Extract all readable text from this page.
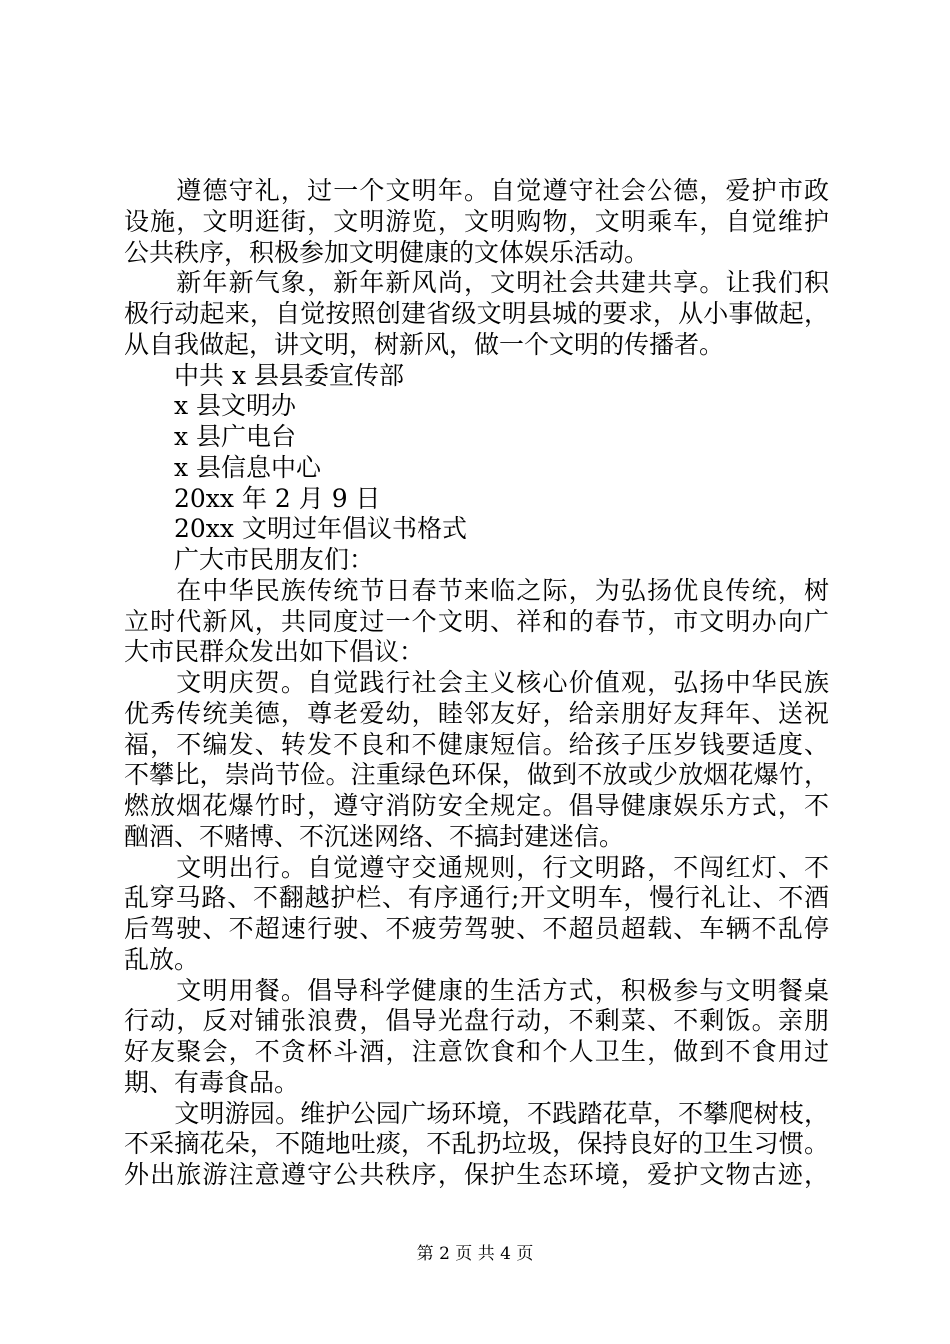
　　遵德守礼，过一个文明年。自觉遵守社会公德，爱护市政
设施，文明逛街，文明游览，文明购物，文明乘车，自觉维护
公共秩序，积极参加文明健康的文体娱乐活动。
　　新年新气象，新年新风尚，文明社会共建共享。让我们积
极行动起来，自觉按照创建省级文明县城的要求，从小事做起，
从自我做起，讲文明，树新风，做一个文明的传播者。
　　中共 x 县县委宣传部
　　x 县文明办
　　x 县广电台
　　x 县信息中心
　　20xx 年 2 月 9 日
　　20xx 文明过年倡议书格式
　　广大市民朋友们：
　　在中华民族传统节日春节来临之际，为弘扬优良传统，树
立时代新风，共同度过一个文明、祥和的春节，市文明办向广
大市民群众发出如下倡议：
　　文明庆贺。自觉践行社会主义核心价值观，弘扬中华民族
优秀传统美德，尊老爱幼，睦邻友好，给亲朋好友拜年、送祝
福，不编发、转发不良和不健康短信。给孩子压岁钱要适度、
不攀比，崇尚节俭。注重绿色环保，做到不放或少放烟花爆竹，
燃放烟花爆竹时，遵守消防安全规定。倡导健康娱乐方式，不
酗酒、不赌博、不沉迷网络、不搞封建迷信。
　　文明出行。自觉遵守交通规则，行文明路，不闯红灯、不
乱穿马路、不翻越护栏、有序通行;开文明车，慢行礼让、不酒
后驾驶、不超速行驶、不疲劳驾驶、不超员超载、车辆不乱停
乱放。
　　文明用餐。倡导科学健康的生活方式，积极参与文明餐桌
行动，反对铺张浪费，倡导光盘行动，不剩菜、不剩饭。亲朋
好友聚会，不贪杯斗酒，注意饮食和个人卫生，做到不食用过
期、有毒食品。
　　文明游园。维护公园广场环境，不践踏花草，不攀爬树枝，
不采摘花朵，不随地吐痰，不乱扔垃圾，保持良好的卫生习惯。
外出旅游注意遵守公共秩序，保护生态环境，爱护文物古迹，
第 2 页 共 4 页
